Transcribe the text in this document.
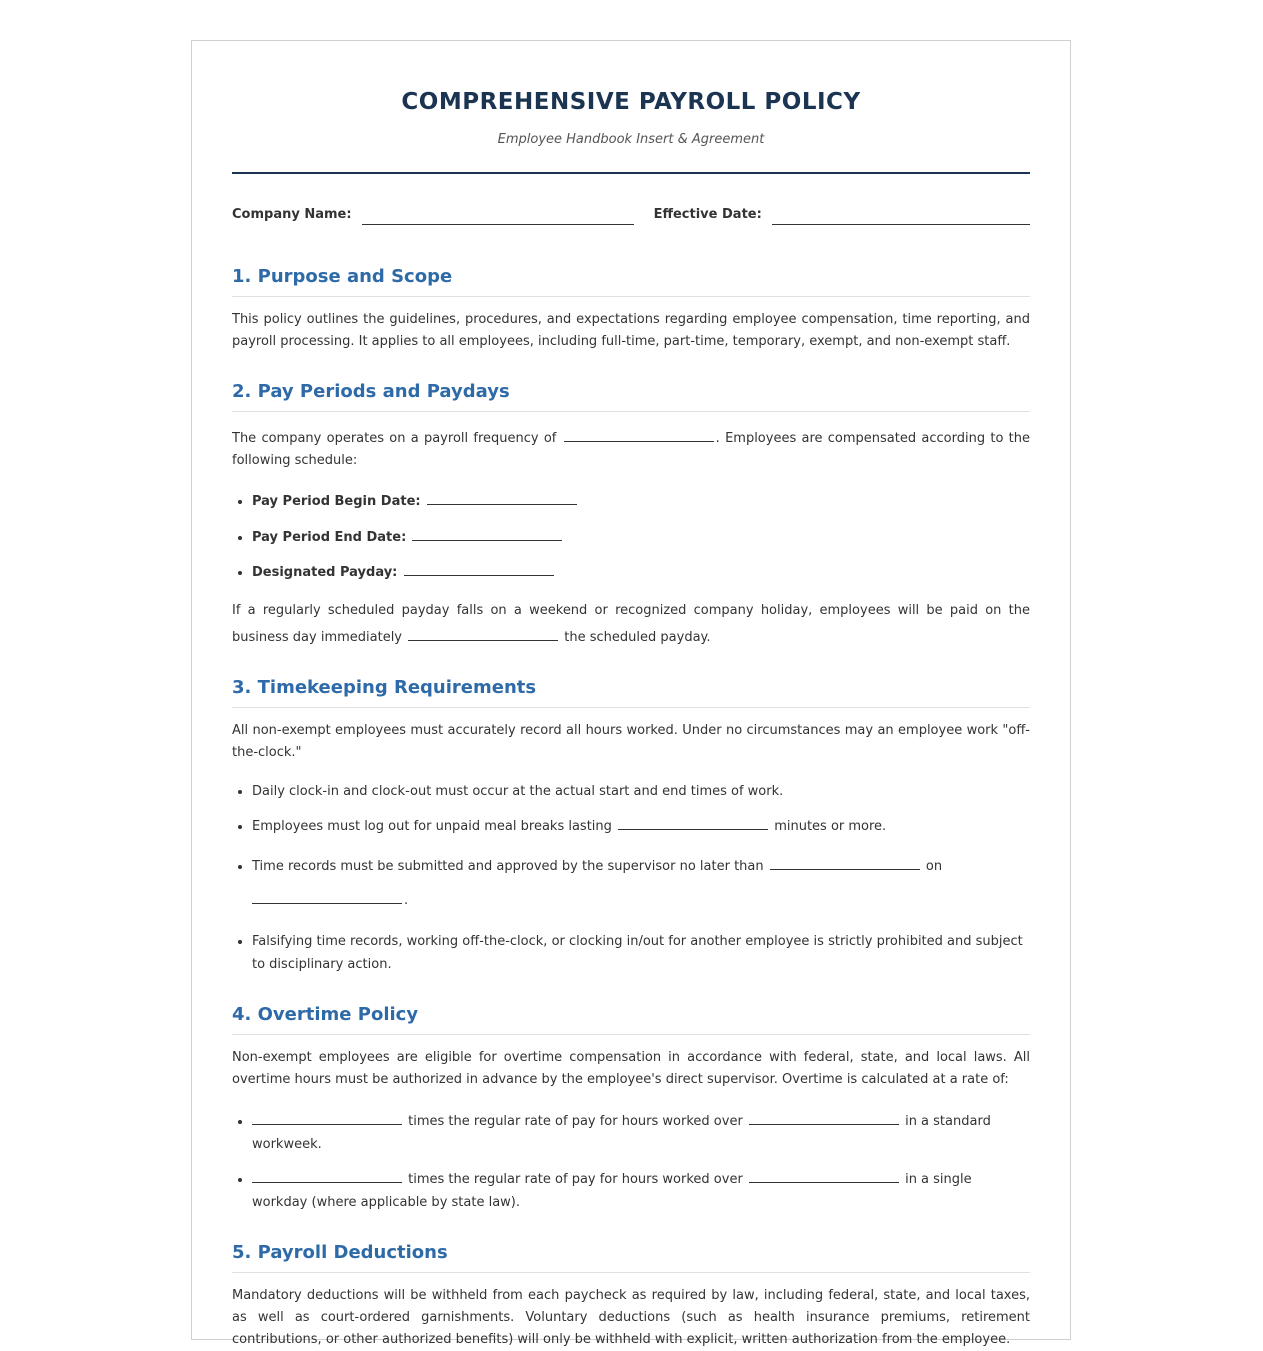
COMPREHENSIVE PAYROLL POLICY
Employee Handbook Insert & Agreement
Company Name:	Effective Date:
1. Purpose and Scope

This policy outlines the guidelines, procedures, and expectations regarding employee compensation, time reporting, and payroll processing. It applies to all employees, including full-time, part-time, temporary, exempt, and non-exempt staff.

2. Pay Periods and Paydays

The company operates on a payroll frequency of	. Employees are compensated according to the following schedule:

• Pay Period Begin Date:
• Pay Period End Date:
• Designated Payday:

If a regularly scheduled payday falls on a weekend or recognized company holiday, employees will be paid on the business day immediately	the scheduled payday.

3. Timekeeping Requirements

All non-exempt employees must accurately record all hours worked. Under no circumstances may an employee work "off-the-clock."

• Daily clock-in and clock-out must occur at the actual start and end times of work.
• Employees must log out for unpaid meal breaks lasting	minutes or more.
• Time records must be submitted and approved by the supervisor no later than	on
.
• Falsifying time records, working off-the-clock, or clocking in/out for another employee is strictly prohibited and subject to disciplinary action.
4. Overtime Policy

Non-exempt employees are eligible for overtime compensation in accordance with federal, state, and local laws. All overtime hours must be authorized in advance by the employee's direct supervisor. Overtime is calculated at a rate of:

• times the regular rate of pay for hours worked over	in a standard workweek.
• times the regular rate of pay for hours worked over	in a single workday (where applicable by state law).
5. Payroll Deductions

Mandatory deductions will be withheld from each paycheck as required by law, including federal, state, and local taxes, as well as court-ordered garnishments. Voluntary deductions (such as health insurance premiums, retirement contributions, or other authorized benefits) will only be withheld with explicit, written authorization from the employee.
